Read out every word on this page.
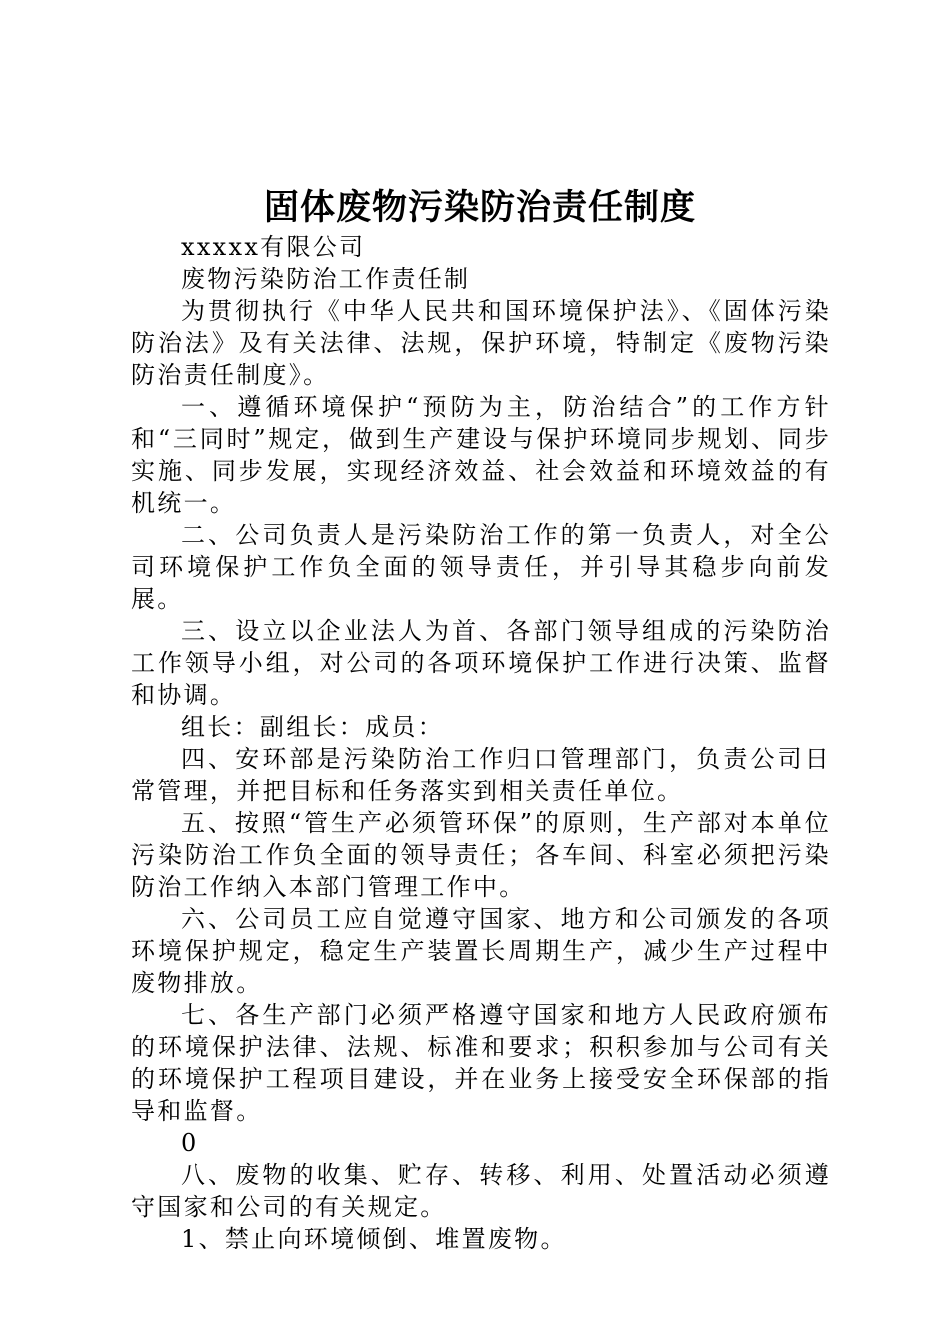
固体废物污染防治责任制度

xxxxx有限公司

废物污染防治工作责任制

为贯彻执行《中华人民共和国环境保护法》、《固体污染防治法》及有关法律、法规，保护环境，特制定《废物污染防治责任制度》。

一、遵循环境保护“预防为主，防治结合”的工作方针和“三同时”规定，做到生产建设与保护环境同步规划、同步实施、同步发展，实现经济效益、社会效益和环境效益的有机统一。

二、公司负责人是污染防治工作的第一负责人，对全公司环境保护工作负全面的领导责任，并引导其稳步向前发展。

三、设立以企业法人为首、各部门领导组成的污染防治工作领导小组，对公司的各项环境保护工作进行决策、监督和协调。

组长：副组长：成员：

四、安环部是污染防治工作归口管理部门，负责公司日常管理，并把目标和任务落实到相关责任单位。

五、按照“管生产必须管环保”的原则，生产部对本单位污染防治工作负全面的领导责任；各车间、科室必须把污染防治工作纳入本部门管理工作中。

六、公司员工应自觉遵守国家、地方和公司颁发的各项环境保护规定，稳定生产装置长周期生产，减少生产过程中废物排放。

七、各生产部门必须严格遵守国家和地方人民政府颁布的环境保护法律、法规、标准和要求；积积参加与公司有关的环境保护工程项目建设，并在业务上接受安全环保部的指导和监督。

0

八、废物的收集、贮存、转移、利用、处置活动必须遵守国家和公司的有关规定。

1、禁止向环境倾倒、堆置废物。
